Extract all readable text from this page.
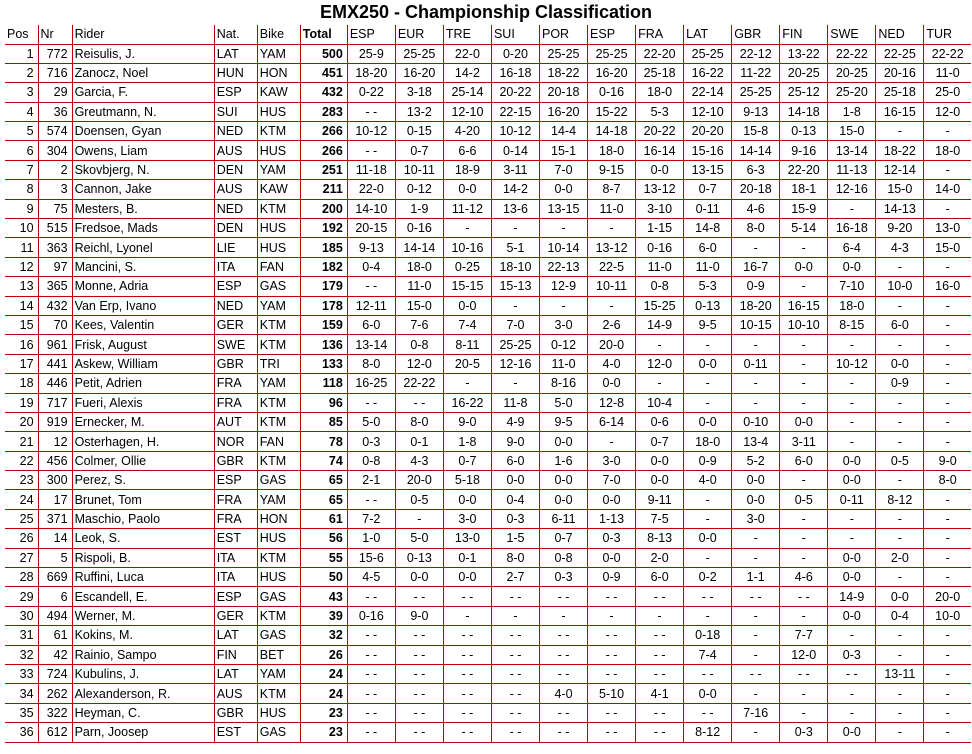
EMX250 - Championship Classification
Pos	Nr	Rider	Nat.	Bike	Total	ESP	EUR	TRE	SUI	POR	ESP	FRA	LAT	GBR	FIN	SWE	NED	TUR
1	772	Reisulis, J.	LAT	YAM	500	25-9	25-25	22-0	0-20	25-25	25-25	22-20	25-25	22-12	13-22	22-22	22-25	22-22
2	716	Zanocz, Noel	HUN	HON	451	18-20	16-20	14-2	16-18	18-22	16-20	25-18	16-22	11-22	20-25	20-25	20-16	11-0
3	29	Garcia, F.	ESP	KAW	432	0-22	3-18	25-14	20-22	20-18	0-16	18-0	22-14	25-25	25-12	25-20	25-18	25-0
4	36	Greutmann, N.	SUI	HUS	283	- -	13-2	12-10	22-15	16-20	15-22	5-3	12-10	9-13	14-18	1-8	16-15	12-0
5	574	Doensen, Gyan	NED	KTM	266	10-12	0-15	4-20	10-12	14-4	14-18	20-22	20-20	15-8	0-13	15-0	-	-
6	304	Owens, Liam	AUS	HUS	266	- -	0-7	6-6	0-14	15-1	18-0	16-14	15-16	14-14	9-16	13-14	18-22	18-0
7	2	Skovbjerg, N.	DEN	YAM	251	11-18	10-11	18-9	3-11	7-0	9-15	0-0	13-15	6-3	22-20	11-13	12-14	-
8	3	Cannon, Jake	AUS	KAW	211	22-0	0-12	0-0	14-2	0-0	8-7	13-12	0-7	20-18	18-1	12-16	15-0	14-0
9	75	Mesters, B.	NED	KTM	200	14-10	1-9	11-12	13-6	13-15	11-0	3-10	0-11	4-6	15-9	-	14-13	-
10	515	Fredsoe, Mads	DEN	HUS	192	20-15	0-16	-	-	-	-	1-15	14-8	8-0	5-14	16-18	9-20	13-0
11	363	Reichl, Lyonel	LIE	HUS	185	9-13	14-14	10-16	5-1	10-14	13-12	0-16	6-0	-	-	6-4	4-3	15-0
12	97	Mancini, S.	ITA	FAN	182	0-4	18-0	0-25	18-10	22-13	22-5	11-0	11-0	16-7	0-0	0-0	-	-
13	365	Monne, Adria	ESP	GAS	179	- -	11-0	15-15	15-13	12-9	10-11	0-8	5-3	0-9	-	7-10	10-0	16-0
14	432	Van Erp, Ivano	NED	YAM	178	12-11	15-0	0-0	-	-	-	15-25	0-13	18-20	16-15	18-0	-	-
15	70	Kees, Valentin	GER	KTM	159	6-0	7-6	7-4	7-0	3-0	2-6	14-9	9-5	10-15	10-10	8-15	6-0	-
16	961	Frisk, August	SWE	KTM	136	13-14	0-8	8-11	25-25	0-12	20-0	-	-	-	-	-	-	-
17	441	Askew, William	GBR	TRI	133	8-0	12-0	20-5	12-16	11-0	4-0	12-0	0-0	0-11	-	10-12	0-0	-
18	446	Petit, Adrien	FRA	YAM	118	16-25	22-22	-	-	8-16	0-0	-	-	-	-	-	0-9	-
19	717	Fueri, Alexis	FRA	KTM	96	- -	- -	16-22	11-8	5-0	12-8	10-4	-	-	-	-	-	-
20	919	Ernecker, M.	AUT	KTM	85	5-0	8-0	9-0	4-9	9-5	6-14	0-6	0-0	0-10	0-0	-	-	-
21	12	Osterhagen, H.	NOR	FAN	78	0-3	0-1	1-8	9-0	0-0	-	0-7	18-0	13-4	3-11	-	-	-
22	456	Colmer, Ollie	GBR	KTM	74	0-8	4-3	0-7	6-0	1-6	3-0	0-0	0-9	5-2	6-0	0-0	0-5	9-0
23	300	Perez, S.	ESP	GAS	65	2-1	20-0	5-18	0-0	0-0	7-0	0-0	4-0	0-0	-	0-0	-	8-0
24	17	Brunet, Tom	FRA	YAM	65	- -	0-5	0-0	0-4	0-0	0-0	9-11	-	0-0	0-5	0-11	8-12	-
25	371	Maschio, Paolo	FRA	HON	61	7-2	-	3-0	0-3	6-11	1-13	7-5	-	3-0	-	-	-	-
26	14	Leok, S.	EST	HUS	56	1-0	5-0	13-0	1-5	0-7	0-3	8-13	0-0	-	-	-	-	-
27	5	Rispoli, B.	ITA	KTM	55	15-6	0-13	0-1	8-0	0-8	0-0	2-0	-	-	-	0-0	2-0	-
28	669	Ruffini, Luca	ITA	HUS	50	4-5	0-0	0-0	2-7	0-3	0-9	6-0	0-2	1-1	4-6	0-0	-	-
29	6	Escandell, E.	ESP	GAS	43	- -	- -	- -	- -	- -	- -	- -	- -	- -	- -	14-9	0-0	20-0
30	494	Werner, M.	GER	KTM	39	0-16	9-0	-	-	-	-	-	-	-	-	0-0	0-4	10-0
31	61	Kokins, M.	LAT	GAS	32	- -	- -	- -	- -	- -	- -	- -	0-18	-	7-7	-	-	-
32	42	Rainio, Sampo	FIN	BET	26	- -	- -	- -	- -	- -	- -	- -	7-4	-	12-0	0-3	-	-
33	724	Kubulins, J.	LAT	YAM	24	- -	- -	- -	- -	- -	- -	- -	- -	- -	- -	- -	13-11	-
34	262	Alexanderson, R.	AUS	KTM	24	- -	- -	- -	- -	4-0	5-10	4-1	0-0	-	-	-	-	-
35	322	Heyman, C.	GBR	HUS	23	- -	- -	- -	- -	- -	- -	- -	- -	7-16	-	-	-	-
36	612	Parn, Joosep	EST	GAS	23	- -	- -	- -	- -	- -	- -	- -	8-12	-	0-3	0-0	-	-
